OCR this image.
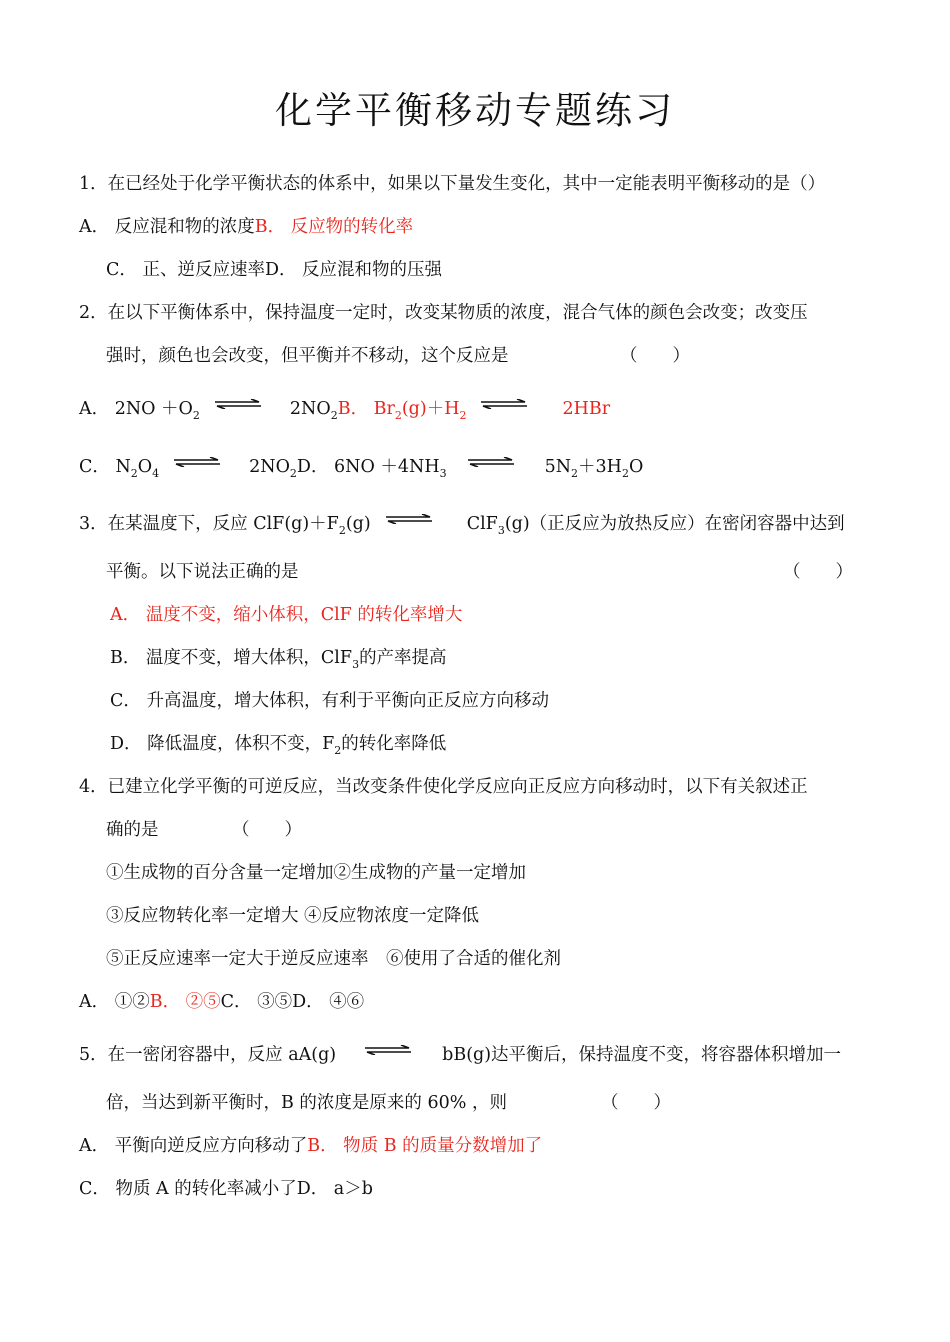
化学平衡移动专题练习
1．在已经处于化学平衡状态的体系中，如果以下量发生变化，其中一定能表明平衡移动的是（）
A． 反应混和物的浓度B． 反应物的转化率
C． 正、逆反应速率D． 反应混和物的压强
2．在以下平衡体系中，保持温度一定时，改变某物质的浓度，混合气体的颜色会改变；改变压
强时，颜色也会改变，但平衡并不移动，这个反应是	（　　）
A． $2NO +O_2$	$2NO_2B$． $Br_2(g)+H_2$	2HBr
C． $N_2O_4$	$2NO_2D$． $6NO +4NH_3$	$5N_2+3H_2O$
3．在某温度下，反应 $ClF(g)+F_2(g)$ ⇌ ClF$_3$(g)（正反应为放热反应）在密闭容器中达到
平衡。以下说法正确的是	（　　）
A． 温度不变，缩小体积，ClF 的转化率增大
B． 温度不变，增大体积，ClF$_3$的产率提高
C． 升高温度，增大体积，有利于平衡向正反应方向移动
D． 降低温度，体积不变，$F_2$的转化率降低
4．已建立化学平衡的可逆反应，当改变条件使化学反应向正反应方向移动时，以下有关叙述正
确的是	（　　）
①生成物的百分含量一定增加②生成物的产量一定增加
③反应物转化率一定增大 ④反应物浓度一定降低
⑤正反应速率一定大于逆反应速率　⑥使用了合适的催化剂
A． ①②B． ②⑤C． ③⑤D． ④⑥
5．在一密闭容器中，反应 aA(g)	bB(g)达平衡后，保持温度不变，将容器体积增加一
倍，当达到新平衡时，B 的浓度是原来的 60% ，则	（　　）
A． 平衡向逆反应方向移动了B． 物质 B 的质量分数增加了
C． 物质 A 的转化率减小了D． a＞b
